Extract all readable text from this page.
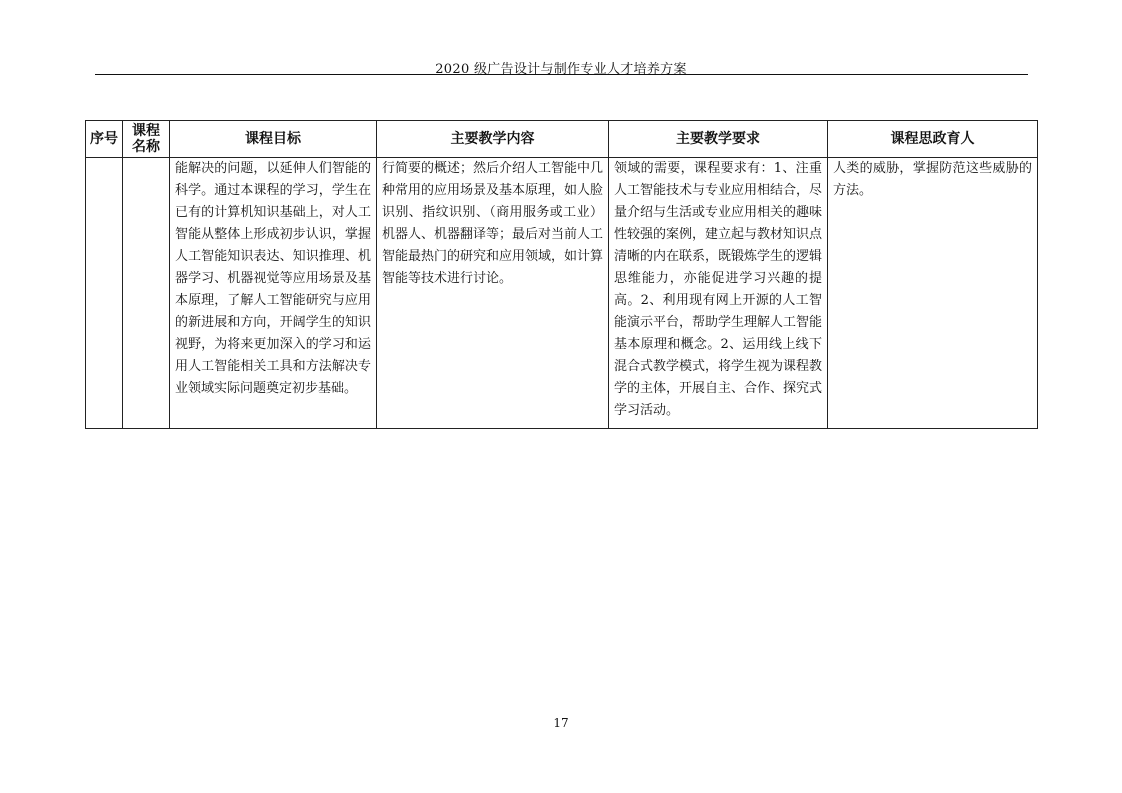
2020 级广告设计与制作专业人才培养方案
序号	课程名称	课程目标	主要教学内容	主要教学要求	课程思政育人
		能解决的问题，以延伸人们智能的科学。通过本课程的学习，学生在已有的计算机知识基础上，对人工智能从整体上形成初步认识，掌握人工智能知识表达、知识推理、机器学习、机器视觉等应用场景及基本原理，了解人工智能研究与应用的新进展和方向，开阔学生的知识视野，为将来更加深入的学习和运用人工智能相关工具和方法解决专业领域实际问题奠定初步基础。	行简要的概述；然后介绍人工智能中几种常用的应用场景及基本原理，如人脸识别、指纹识别、（商用服务或工业）机器人、机器翻译等；最后对当前人工智能最热门的研究和应用领域，如计算智能等技术进行讨论。	领域的需要，课程要求有：1、注重人工智能技术与专业应用相结合，尽量介绍与生活或专业应用相关的趣味性较强的案例，建立起与教材知识点清晰的内在联系，既锻炼学生的逻辑思维能力，亦能促进学习兴趣的提高。2、利用现有网上开源的人工智能演示平台，帮助学生理解人工智能基本原理和概念。2、运用线上线下混合式教学模式，将学生视为课程教学的主体，开展自主、合作、探究式学习活动。	人类的威胁，掌握防范这些威胁的方法。
17
